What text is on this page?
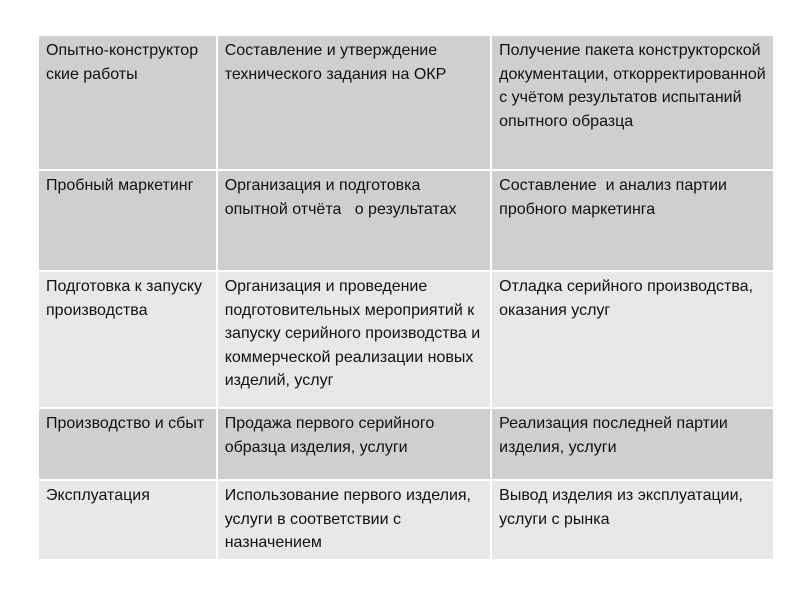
Опытно-конструктор ские работы	Составление и утверждение технического задания на ОКР	Получение пакета конструкторской документации, откорректированной с учётом результатов испытаний опытного образца
Пробный маркетинг	Организация и подготовка опытной отчёта   о результатах	Составление  и анализ партии пробного маркетинга
Подготовка к запуску производства	Организация и проведение подготовительных мероприятий к запуску серийного производства и коммерческой реализации новых изделий, услуг	Отладка серийного производства, оказания услуг
Производство и сбыт	Продажа первого серийного образца изделия, услуги	Реализация последней партии изделия, услуги
Эксплуатация	Использование первого изделия, услуги в соответствии с назначением	Вывод изделия из эксплуатации, услуги с рынка
